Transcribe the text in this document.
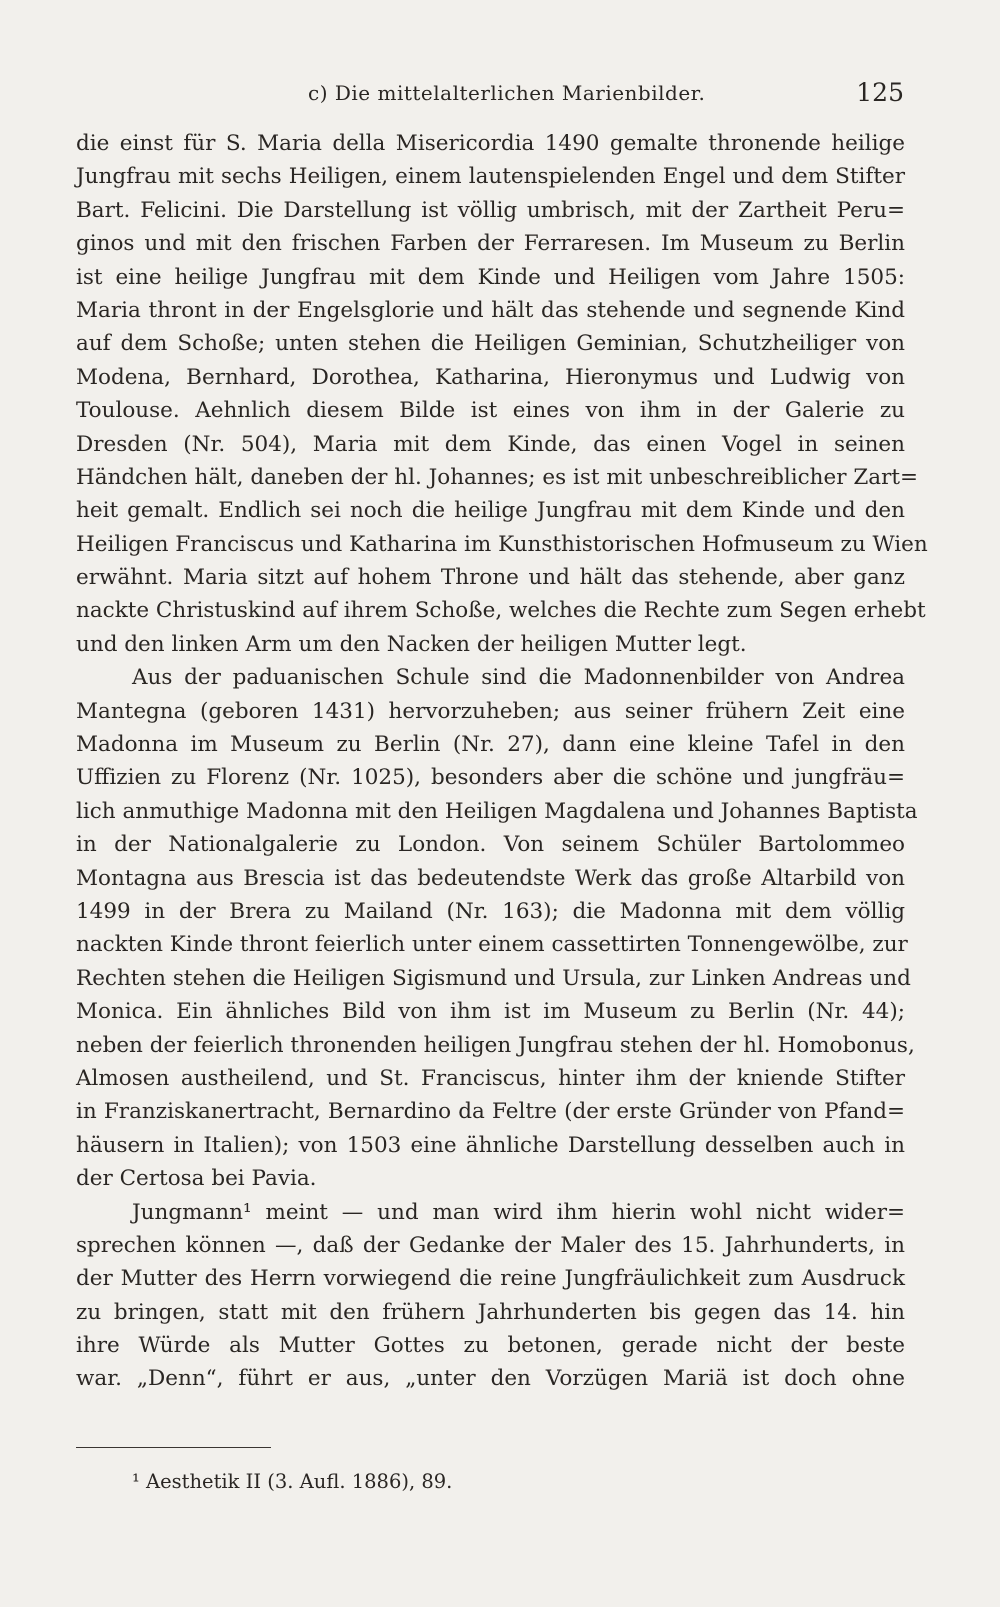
c) Die mittelalterlichen Marienbilder.	125
die einst für S. Maria della Misericordia 1490 gemalte thronende heilige
Jungfrau mit sechs Heiligen, einem lautenspielenden Engel und dem Stifter
Bart. Felicini. Die Darstellung ist völlig umbrisch, mit der Zartheit Peru=
ginos und mit den frischen Farben der Ferraresen. Im Museum zu Berlin
ist eine heilige Jungfrau mit dem Kinde und Heiligen vom Jahre 1505:
Maria thront in der Engelsglorie und hält das stehende und segnende Kind
auf dem Schoße; unten stehen die Heiligen Geminian, Schutzheiliger von
Modena, Bernhard, Dorothea, Katharina, Hieronymus und Ludwig von
Toulouse. Aehnlich diesem Bilde ist eines von ihm in der Galerie zu
Dresden (Nr. 504), Maria mit dem Kinde, das einen Vogel in seinen
Händchen hält, daneben der hl. Johannes; es ist mit unbeschreiblicher Zart=
heit gemalt. Endlich sei noch die heilige Jungfrau mit dem Kinde und den
Heiligen Franciscus und Katharina im Kunsthistorischen Hofmuseum zu Wien
erwähnt. Maria sitzt auf hohem Throne und hält das stehende, aber ganz
nackte Christuskind auf ihrem Schoße, welches die Rechte zum Segen erhebt
und den linken Arm um den Nacken der heiligen Mutter legt.
Aus der paduanischen Schule sind die Madonnenbilder von Andrea
Mantegna (geboren 1431) hervorzuheben; aus seiner frühern Zeit eine
Madonna im Museum zu Berlin (Nr. 27), dann eine kleine Tafel in den
Uffizien zu Florenz (Nr. 1025), besonders aber die schöne und jungfräu=
lich anmuthige Madonna mit den Heiligen Magdalena und Johannes Baptista
in der Nationalgalerie zu London. Von seinem Schüler Bartolommeo
Montagna aus Brescia ist das bedeutendste Werk das große Altarbild von
1499 in der Brera zu Mailand (Nr. 163); die Madonna mit dem völlig
nackten Kinde thront feierlich unter einem cassettirten Tonnengewölbe, zur
Rechten stehen die Heiligen Sigismund und Ursula, zur Linken Andreas und
Monica. Ein ähnliches Bild von ihm ist im Museum zu Berlin (Nr. 44);
neben der feierlich thronenden heiligen Jungfrau stehen der hl. Homobonus,
Almosen austheilend, und St. Franciscus, hinter ihm der kniende Stifter
in Franziskanertracht, Bernardino da Feltre (der erste Gründer von Pfand=
häusern in Italien); von 1503 eine ähnliche Darstellung desselben auch in
der Certosa bei Pavia.
Jungmann¹ meint — und man wird ihm hierin wohl nicht wider=
sprechen können —, daß der Gedanke der Maler des 15. Jahrhunderts, in
der Mutter des Herrn vorwiegend die reine Jungfräulichkeit zum Ausdruck
zu bringen, statt mit den frühern Jahrhunderten bis gegen das 14. hin
ihre Würde als Mutter Gottes zu betonen, gerade nicht der beste
war. „Denn“, führt er aus, „unter den Vorzügen Mariä ist doch ohne
¹ Aesthetik II (3. Aufl. 1886), 89.
